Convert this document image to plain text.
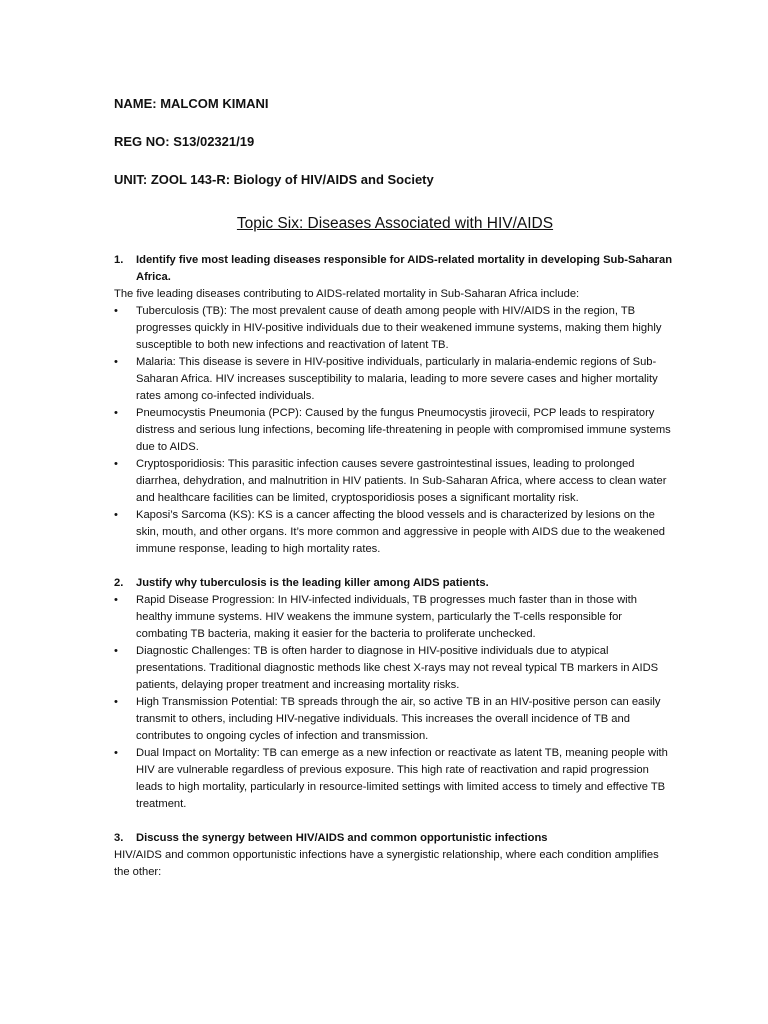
NAME: MALCOM KIMANI

REG NO: S13/02321/19

UNIT: ZOOL 143-R: Biology of HIV/AIDS and Society

Topic Six: Diseases Associated with HIV/AIDS

1. Identify five most leading diseases responsible for AIDS-related mortality in developing Sub-Saharan Africa.

The five leading diseases contributing to AIDS-related mortality in Sub-Saharan Africa include:

• Tuberculosis (TB): The most prevalent cause of death among people with HIV/AIDS in the region, TB progresses quickly in HIV-positive individuals due to their weakened immune systems, making them highly susceptible to both new infections and reactivation of latent TB.
• Malaria: This disease is severe in HIV-positive individuals, particularly in malaria-endemic regions of Sub-Saharan Africa. HIV increases susceptibility to malaria, leading to more severe cases and higher mortality rates among co-infected individuals.
• Pneumocystis Pneumonia (PCP): Caused by the fungus Pneumocystis jirovecii, PCP leads to respiratory distress and serious lung infections, becoming life-threatening in people with compromised immune systems due to AIDS.
• Cryptosporidiosis: This parasitic infection causes severe gastrointestinal issues, leading to prolonged diarrhea, dehydration, and malnutrition in HIV patients. In Sub-Saharan Africa, where access to clean water and healthcare facilities can be limited, cryptosporidiosis poses a significant mortality risk.
• Kaposi’s Sarcoma (KS): KS is a cancer affecting the blood vessels and is characterized by lesions on the skin, mouth, and other organs. It’s more common and aggressive in people with AIDS due to the weakened immune response, leading to high mortality rates.

2. Justify why tuberculosis is the leading killer among AIDS patients.

• Rapid Disease Progression: In HIV-infected individuals, TB progresses much faster than in those with healthy immune systems. HIV weakens the immune system, particularly the T-cells responsible for combating TB bacteria, making it easier for the bacteria to proliferate unchecked.
• Diagnostic Challenges: TB is often harder to diagnose in HIV-positive individuals due to atypical presentations. Traditional diagnostic methods like chest X-rays may not reveal typical TB markers in AIDS patients, delaying proper treatment and increasing mortality risks.
• High Transmission Potential: TB spreads through the air, so active TB in an HIV-positive person can easily transmit to others, including HIV-negative individuals. This increases the overall incidence of TB and contributes to ongoing cycles of infection and transmission.
• Dual Impact on Mortality: TB can emerge as a new infection or reactivate as latent TB, meaning people with HIV are vulnerable regardless of previous exposure. This high rate of reactivation and rapid progression leads to high mortality, particularly in resource-limited settings with limited access to timely and effective TB treatment.

3. Discuss the synergy between HIV/AIDS and common opportunistic infections

HIV/AIDS and common opportunistic infections have a synergistic relationship, where each condition amplifies the other:
